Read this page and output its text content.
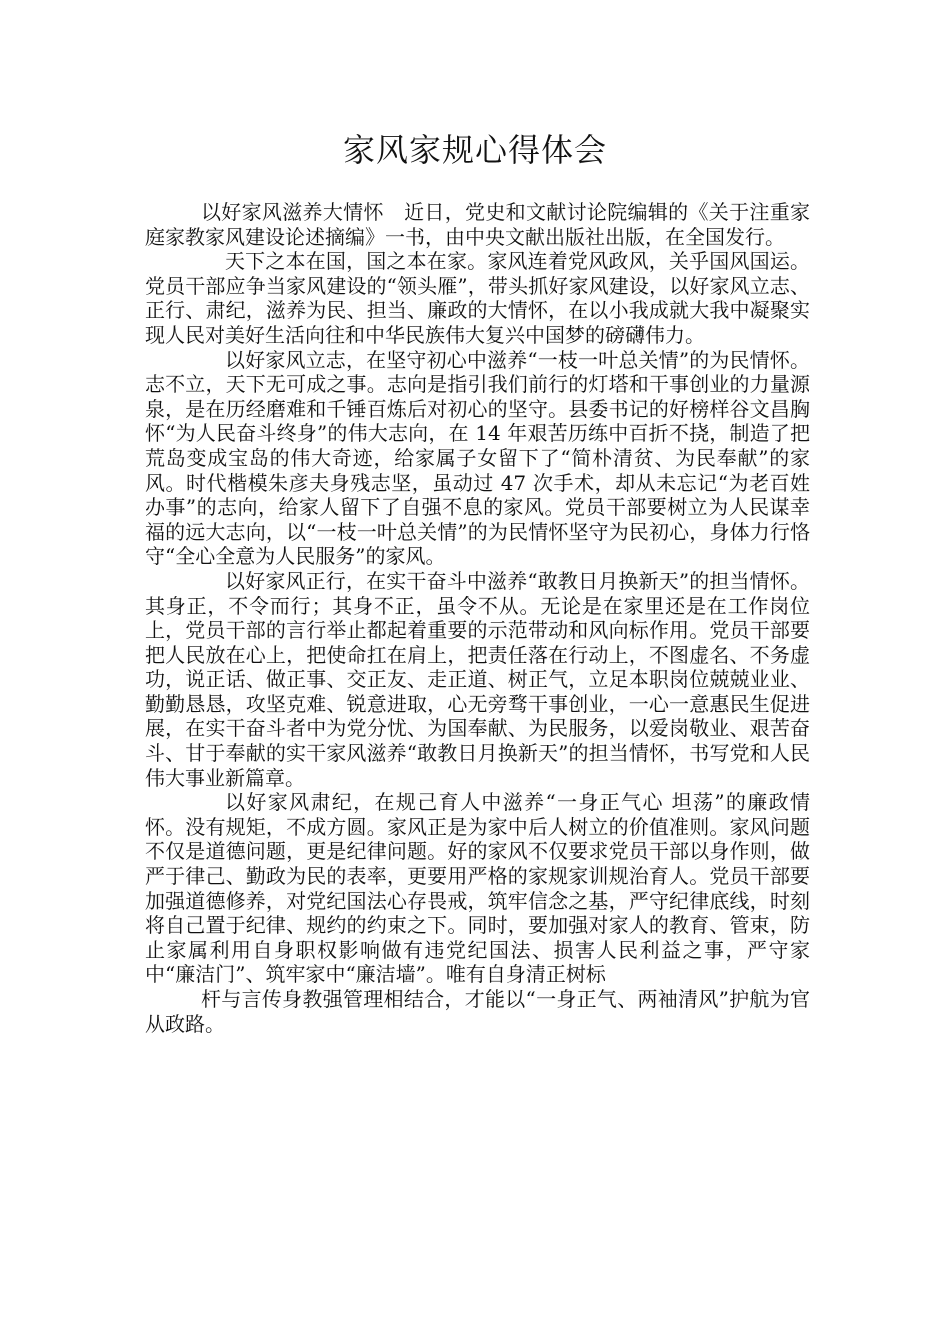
家风家规心得体会

以好家风滋养大情怀　近日，党史和文献讨论院编辑的《关于注重家庭家教家风建设论述摘编》一书，由中央文献出版社出版，在全国发行。

天下之本在国，国之本在家。家风连着党风政风，关乎国风国运。党员干部应争当家风建设的“领头雁”，带头抓好家风建设，以好家风立志、正行、肃纪，滋养为民、担当、廉政的大情怀，在以小我成就大我中凝聚实现人民对美好生活向往和中华民族伟大复兴中国梦的磅礴伟力。

以好家风立志，在坚守初心中滋养“一枝一叶总关情”的为民情怀。志不立，天下无可成之事。志向是指引我们前行的灯塔和干事创业的力量源泉，是在历经磨难和千锤百炼后对初心的坚守。县委书记的好榜样谷文昌胸怀“为人民奋斗终身”的伟大志向，在 14 年艰苦历练中百折不挠，制造了把荒岛变成宝岛的伟大奇迹，给家属子女留下了“简朴清贫、为民奉献”的家风。时代楷模朱彦夫身残志坚，虽动过 47 次手术，却从未忘记“为老百姓办事”的志向，给家人留下了自强不息的家风。党员干部要树立为人民谋幸福的远大志向，以“一枝一叶总关情”的为民情怀坚守为民初心，身体力行恪守“全心全意为人民服务”的家风。

以好家风正行，在实干奋斗中滋养“敢教日月换新天”的担当情怀。其身正，不令而行；其身不正，虽令不从。无论是在家里还是在工作岗位上，党员干部的言行举止都起着重要的示范带动和风向标作用。党员干部要把人民放在心上，把使命扛在肩上，把责任落在行动上，不图虚名、不务虚功，说正话、做正事、交正友、走正道、树正气，立足本职岗位兢兢业业、勤勤恳恳，攻坚克难、锐意进取，心无旁骛干事创业，一心一意惠民生促进展，在实干奋斗者中为党分忧、为国奉献、为民服务，以爱岗敬业、艰苦奋斗、甘于奉献的实干家风滋养“敢教日月换新天”的担当情怀，书写党和人民伟大事业新篇章。

以好家风肃纪，在规己育人中滋养“一身正气心 坦荡”的廉政情怀。没有规矩，不成方圆。家风正是为家中后人树立的价值准则。家风问题不仅是道德问题，更是纪律问题。好的家风不仅要求党员干部以身作则，做严于律己、勤政为民的表率，更要用严格的家规家训规治育人。党员干部要加强道德修养，对党纪国法心存畏戒，筑牢信念之基，严守纪律底线，时刻将自己置于纪律、规约的约束之下。同时，要加强对家人的教育、管束，防止家属利用自身职权影响做有违党纪国法、损害人民利益之事，严守家中“廉洁门”、筑牢家中“廉洁墙”。唯有自身清正树标

杆与言传身教强管理相结合，才能以“一身正气、两袖清风”护航为官从政路。
